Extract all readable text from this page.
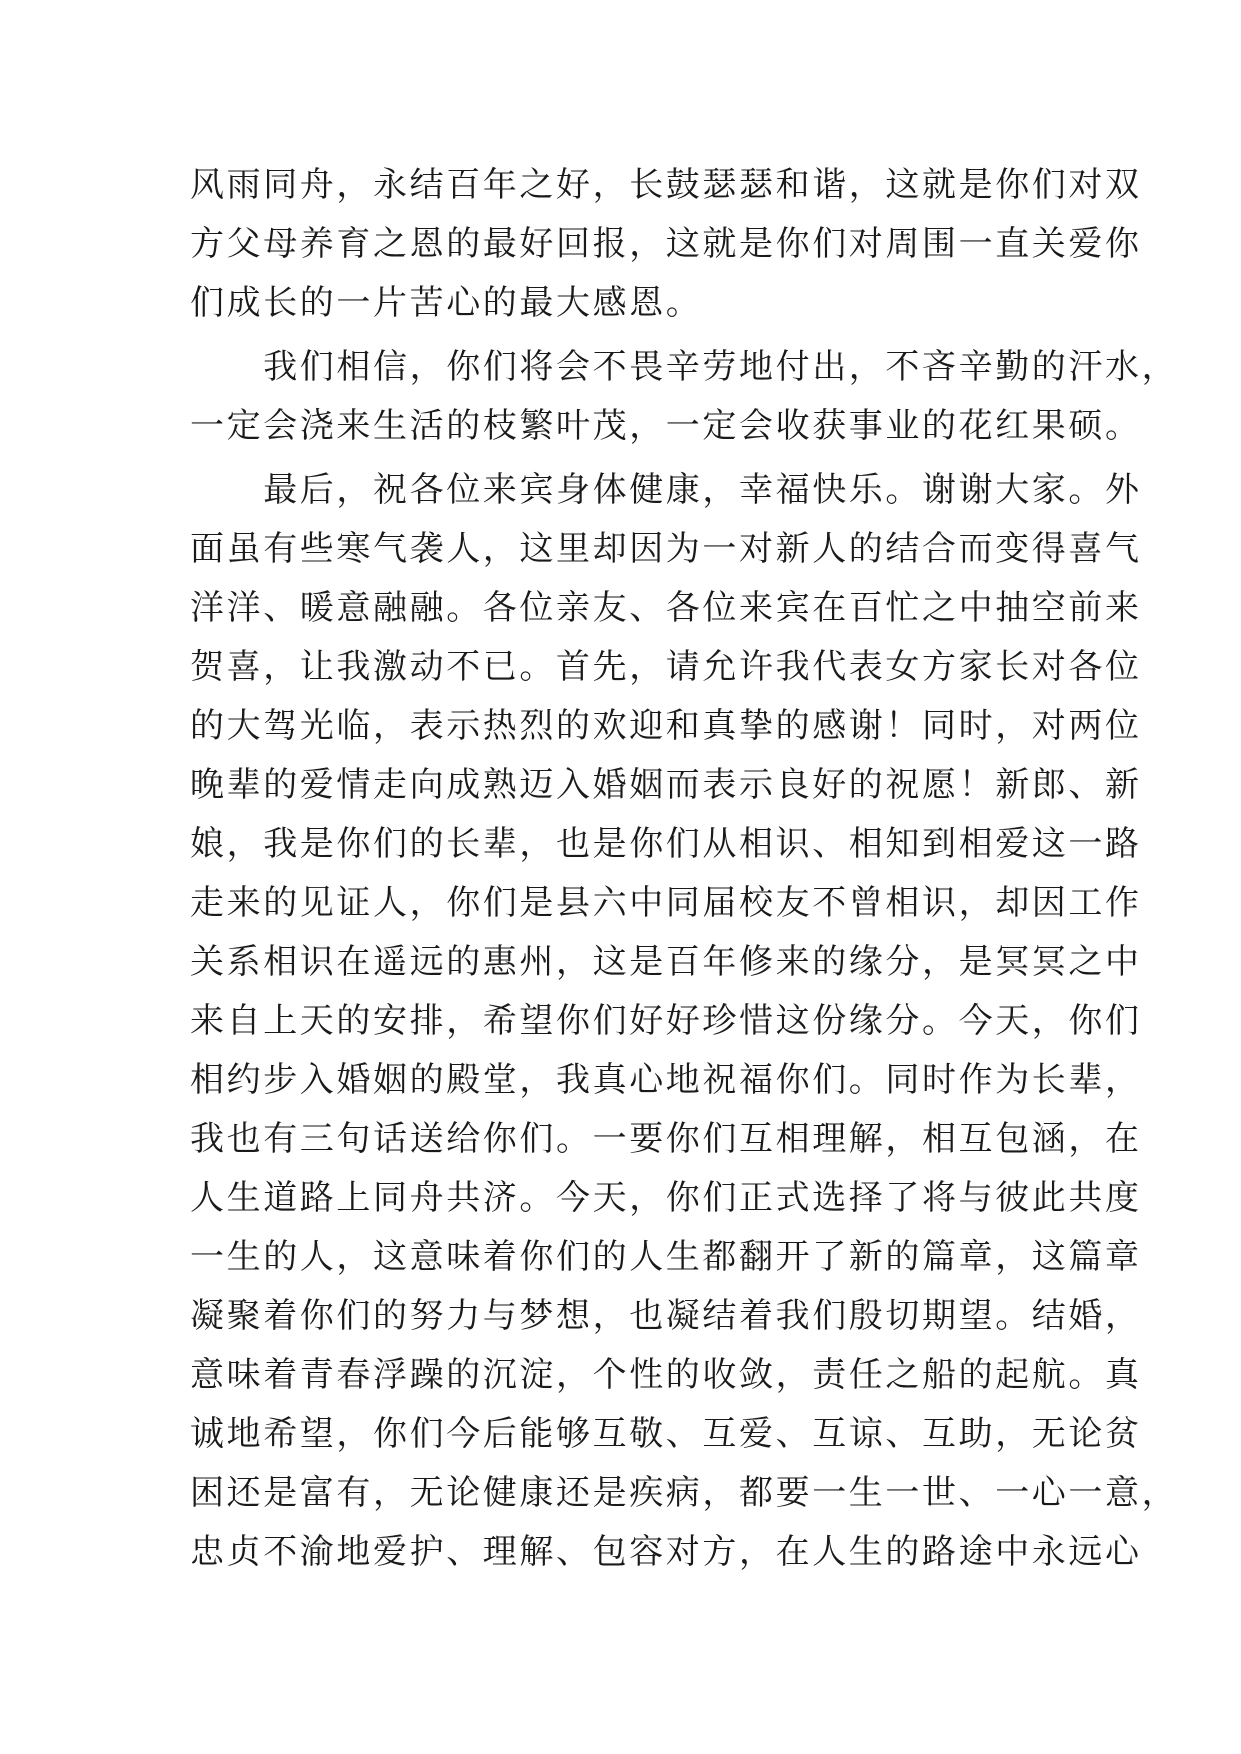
风雨同舟，永结百年之好，长鼓瑟瑟和谐，这就是你们对双
方父母养育之恩的最好回报，这就是你们对周围一直关爱你
们成长的一片苦心的最大感恩。
　　我们相信，你们将会不畏辛劳地付出，不吝辛勤的汗水，
一定会浇来生活的枝繁叶茂，一定会收获事业的花红果硕。
　　最后，祝各位来宾身体健康，幸福快乐。谢谢大家。外
面虽有些寒气袭人，这里却因为一对新人的结合而变得喜气
洋洋、暖意融融。各位亲友、各位来宾在百忙之中抽空前来
贺喜，让我激动不已。首先，请允许我代表女方家长对各位
的大驾光临，表示热烈的欢迎和真挚的感谢！同时，对两位
晚辈的爱情走向成熟迈入婚姻而表示良好的祝愿！新郎、新
娘，我是你们的长辈，也是你们从相识、相知到相爱这一路
走来的见证人，你们是县六中同届校友不曾相识，却因工作
关系相识在遥远的惠州，这是百年修来的缘分，是冥冥之中
来自上天的安排，希望你们好好珍惜这份缘分。今天，你们
相约步入婚姻的殿堂，我真心地祝福你们。同时作为长辈，
我也有三句话送给你们。一要你们互相理解，相互包涵，在
人生道路上同舟共济。今天，你们正式选择了将与彼此共度
一生的人，这意味着你们的人生都翻开了新的篇章，这篇章
凝聚着你们的努力与梦想，也凝结着我们殷切期望。结婚，
意味着青春浮躁的沉淀，个性的收敛，责任之船的起航。真
诚地希望，你们今后能够互敬、互爱、互谅、互助，无论贫
困还是富有，无论健康还是疾病，都要一生一世、一心一意，
忠贞不渝地爱护、理解、包容对方，在人生的路途中永远心
